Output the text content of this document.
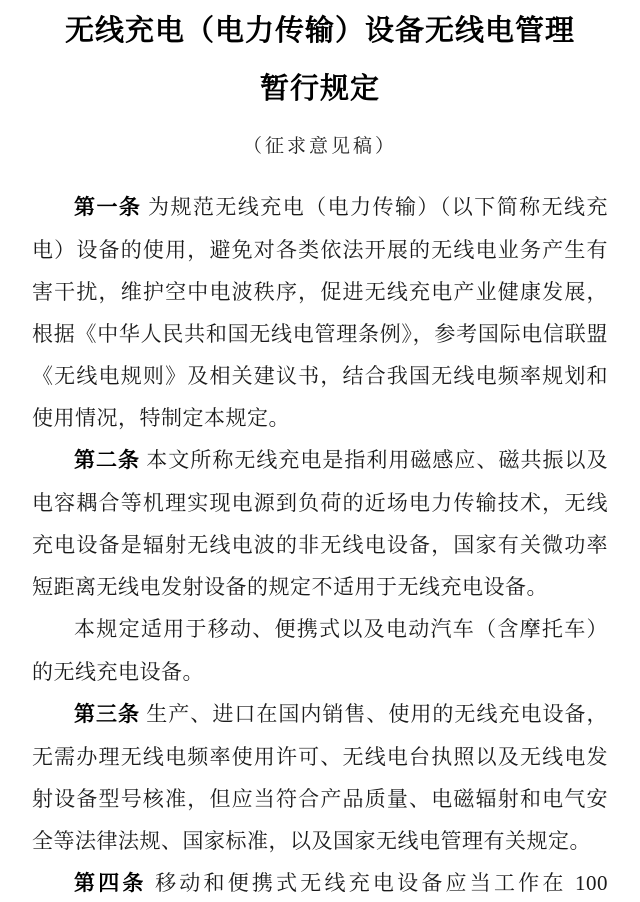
无线充电（电力传输）设备无线电管理
暂行规定
（征求意见稿）

第一条 为规范无线充电（电力传输）（以下简称无线充电）设备的使用，避免对各类依法开展的无线电业务产生有害干扰，维护空中电波秩序，促进无线充电产业健康发展，根据《中华人民共和国无线电管理条例》，参考国际电信联盟《无线电规则》及相关建议书，结合我国无线电频率规划和使用情况，特制定本规定。

第二条 本文所称无线充电是指利用磁感应、磁共振以及电容耦合等机理实现电源到负荷的近场电力传输技术，无线充电设备是辐射无线电波的非无线电设备，国家有关微功率短距离无线电发射设备的规定不适用于无线充电设备。

本规定适用于移动、便携式以及电动汽车（含摩托车）的无线充电设备。

第三条 生产、进口在国内销售、使用的无线充电设备，无需办理无线电频率使用许可、无线电台执照以及无线电发射设备型号核准，但应当符合产品质量、电磁辐射和电气安全等法律法规、国家标准，以及国家无线电管理有关规定。

第四条 移动和便携式无线充电设备应当工作在 100
